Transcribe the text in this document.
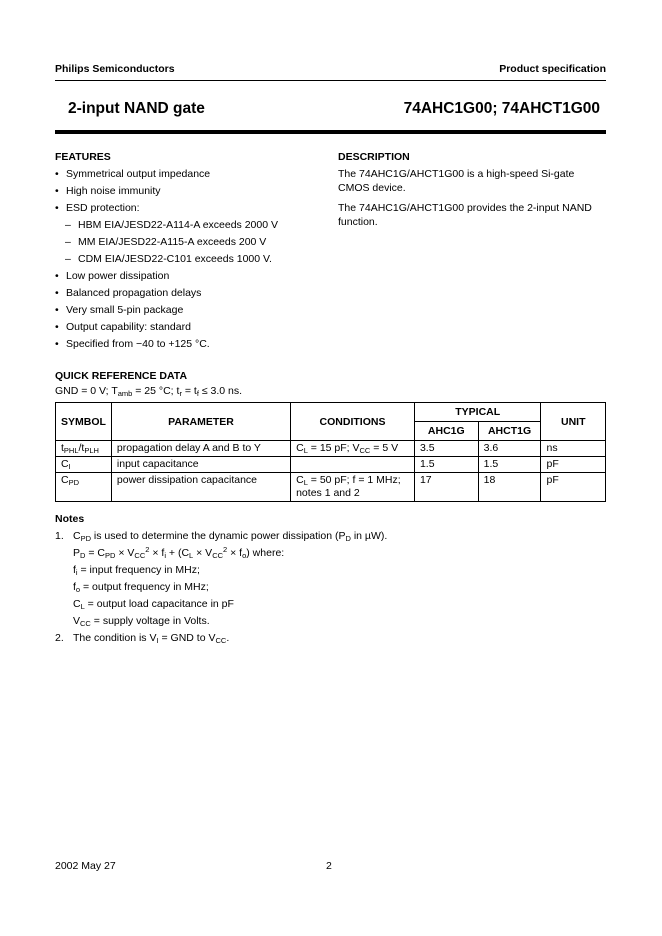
Philips Semiconductors	Product specification
2-input NAND gate	74AHC1G00; 74AHCT1G00
FEATURES
• Symmetrical output impedance
• High noise immunity
• ESD protection:
– HBM EIA/JESD22-A114-A exceeds 2000 V
– MM EIA/JESD22-A115-A exceeds 200 V
– CDM EIA/JESD22-C101 exceeds 1000 V.
• Low power dissipation
• Balanced propagation delays
• Very small 5-pin package
• Output capability: standard
• Specified from −40 to +125 °C.
DESCRIPTION

The 74AHC1G/AHCT1G00 is a high-speed Si-gate CMOS device.

The 74AHC1G/AHCT1G00 provides the 2-input NAND function.

QUICK REFERENCE DATA
GND = 0 V; $T_{amb} = 25$ °C; $t_r = t_f \le 3.0$ ns.
SYMBOL	PARAMETER	CONDITIONS	TYPICAL		UNIT
			AHC1G	AHCT1G	
$t_{PHL}/t_{PLH}$	propagation delay A and B to Y	$C_L = 15$ pF; $V_{CC} = 5$ V	3.5	3.6	ns
$C_I$	input capacitance		1.5	1.5	pF
$C_{PD}$	power dissipation capacitance	$C_L = 50$ pF; f = 1 MHz;
notes 1 and 2	17	18	pF
Notes
1. $C_{PD}$ is used to determine the dynamic power dissipation ($P_D$ in µW).
$P_D = C_{PD} \times V_{CC}^2 \times f_i + (C_L \times V_{CC}^2 \times f_o)$ where:
$f_i$ = input frequency in MHz;
$f_o$ = output frequency in MHz;
$C_L$ = output load capacitance in pF
$V_{CC}$ = supply voltage in Volts.
2. The condition is $V_I$ = GND to $V_{CC}$.
2002 May 27	2
